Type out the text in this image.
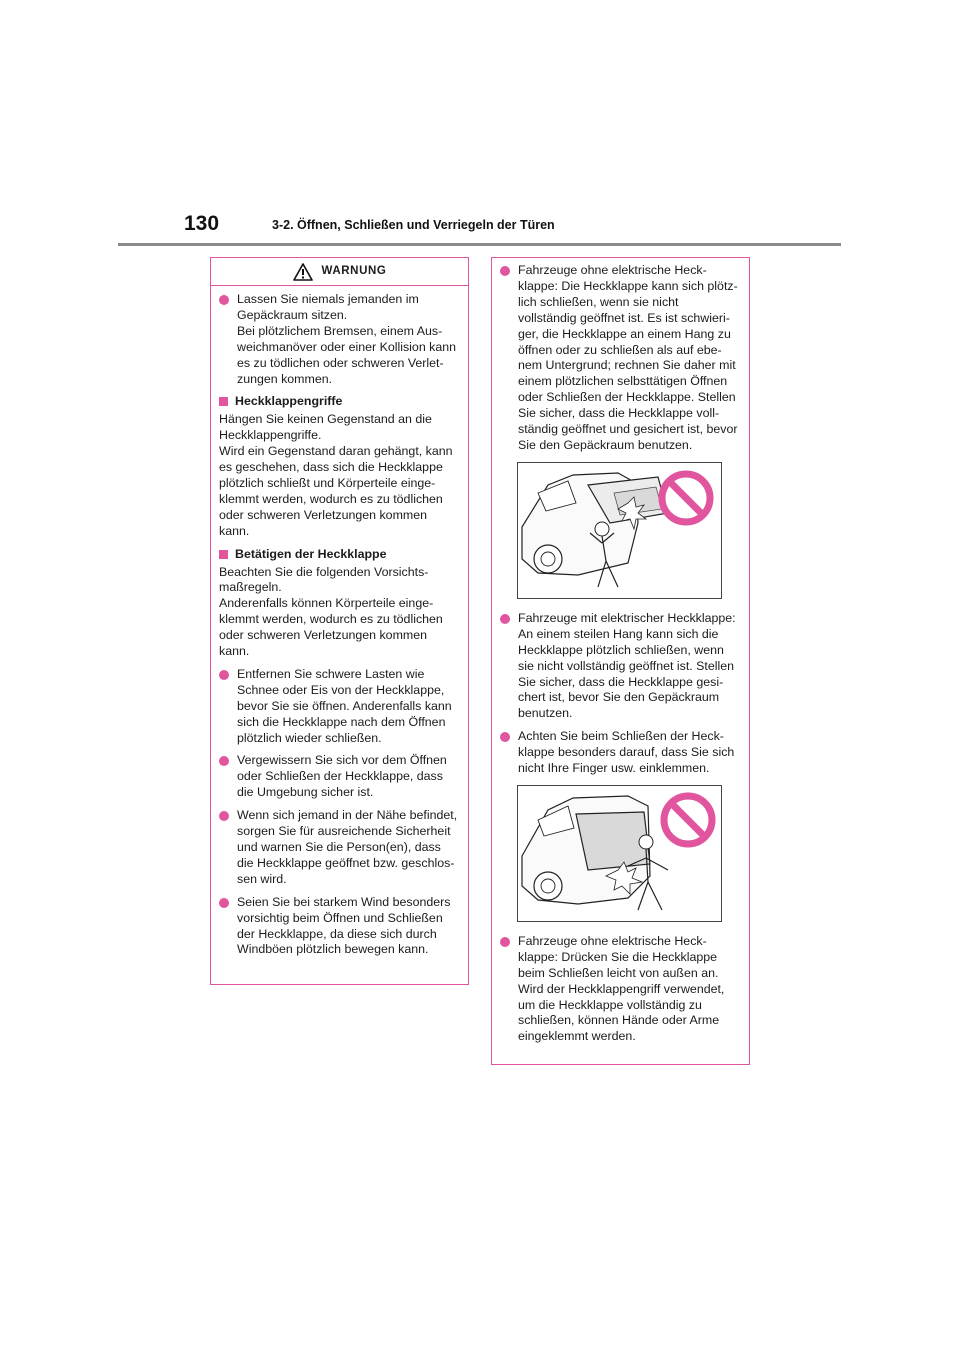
130	3-2. Öffnen, Schließen und Verriegeln der Türen
WARNUNG
Lassen Sie niemals jemanden im
Gepäckraum sitzen.
Bei plötzlichem Bremsen, einem Aus-
weichmanöver oder einer Kollision kann
es zu tödlichen oder schweren Verlet-
zungen kommen.
Heckklappengriffe
Hängen Sie keinen Gegenstand an die
Heckklappengriffe.
Wird ein Gegenstand daran gehängt, kann
es geschehen, dass sich die Heckklappe
plötzlich schließt und Körperteile einge-
klemmt werden, wodurch es zu tödlichen
oder schweren Verletzungen kommen
kann.
Betätigen der Heckklappe
Beachten Sie die folgenden Vorsichts-
maßregeln.
Anderenfalls können Körperteile einge-
klemmt werden, wodurch es zu tödlichen
oder schweren Verletzungen kommen
kann.
Entfernen Sie schwere Lasten wie
Schnee oder Eis von der Heckklappe,
bevor Sie sie öffnen. Anderenfalls kann
sich die Heckklappe nach dem Öffnen
plötzlich wieder schließen.
Vergewissern Sie sich vor dem Öffnen
oder Schließen der Heckklappe, dass
die Umgebung sicher ist.
Wenn sich jemand in der Nähe befindet,
sorgen Sie für ausreichende Sicherheit
und warnen Sie die Person(en), dass
die Heckklappe geöffnet bzw. geschlos-
sen wird.
Seien Sie bei starkem Wind besonders
vorsichtig beim Öffnen und Schließen
der Heckklappe, da diese sich durch
Windböen plötzlich bewegen kann.
Fahrzeuge ohne elektrische Heck-
klappe: Die Heckklappe kann sich plötz-
lich schließen, wenn sie nicht
vollständig geöffnet ist. Es ist schwieri-
ger, die Heckklappe an einem Hang zu
öffnen oder zu schließen als auf ebe-
nem Untergrund; rechnen Sie daher mit
einem plötzlichen selbsttätigen Öffnen
oder Schließen der Heckklappe. Stellen
Sie sicher, dass die Heckklappe voll-
ständig geöffnet und gesichert ist, bevor
Sie den Gepäckraum benutzen.
Fahrzeuge mit elektrischer Heckklappe:
An einem steilen Hang kann sich die
Heckklappe plötzlich schließen, wenn
sie nicht vollständig geöffnet ist. Stellen
Sie sicher, dass die Heckklappe gesi-
chert ist, bevor Sie den Gepäckraum
benutzen.
Achten Sie beim Schließen der Heck-
klappe besonders darauf, dass Sie sich
nicht Ihre Finger usw. einklemmen.
Fahrzeuge ohne elektrische Heck-
klappe: Drücken Sie die Heckklappe
beim Schließen leicht von außen an.
Wird der Heckklappengriff verwendet,
um die Heckklappe vollständig zu
schließen, können Hände oder Arme
eingeklemmt werden.
